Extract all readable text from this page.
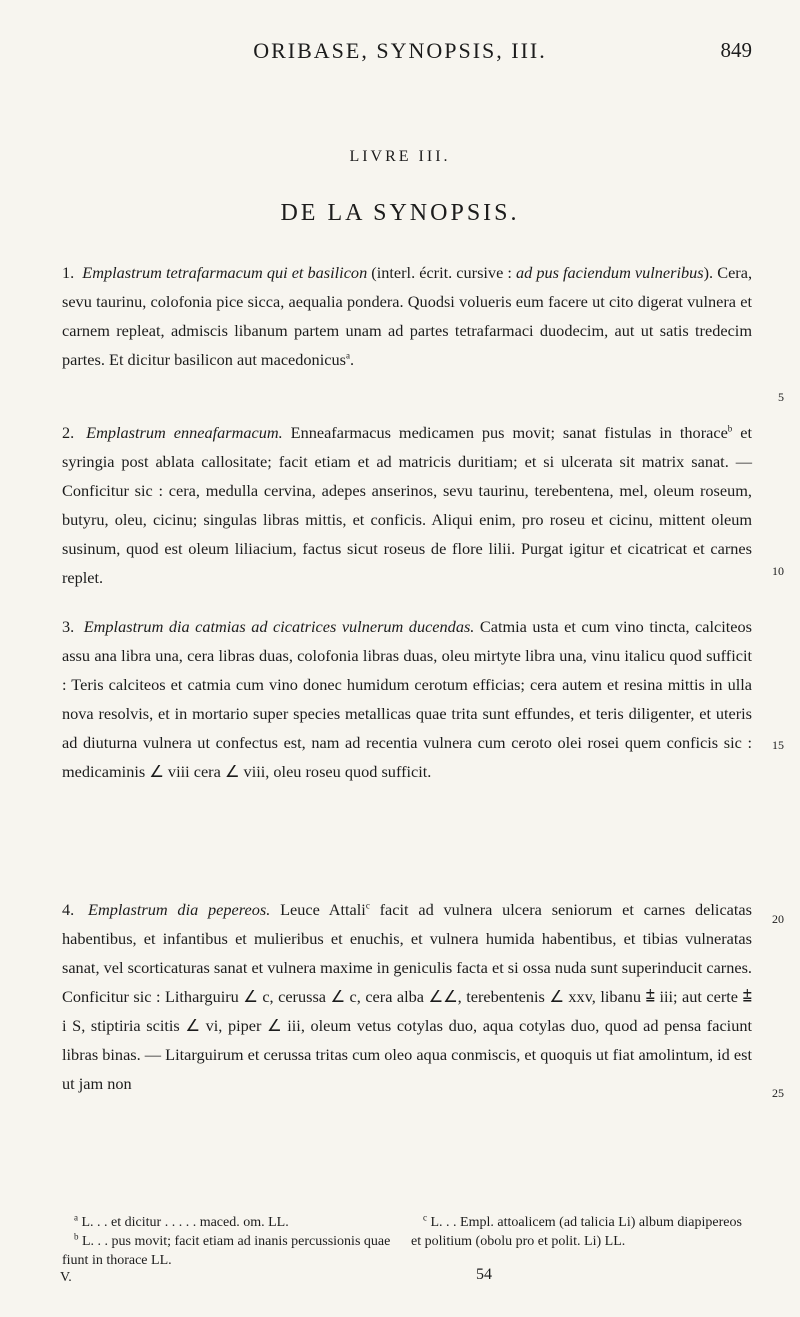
ORIBASE, SYNOPSIS, III.	849
LIVRE III.
DE LA SYNOPSIS.

1. Emplastrum tetrafarmacum qui et basilicon (interl. écrit. cursive : ad pus faciendum vulneribus). Cera, sevu taurinu, colofonia pice sicca, aequalia pondera. Quodsi volueris eum facere ut cito digerat vulnera et carnem repleat, admiscis libanum partem unam ad partes tetrafarmaci duodecim, aut ut satis tredecim partes. Et dicitur basilicon aut macedonicus$^a$.

2. Emplastrum enneafarmacum. Enneafarmacus medicamen pus movit; sanat fistulas in thorace$^b$ et syringia post ablata callositate; facit etiam et ad matricis duritiam; et si ulcerata sit matrix sanat. — Conficitur sic : cera, medulla cervina, adepes anserinos, sevu taurinu, terebentena, mel, oleum roseum, butyru, oleu, cicinu; singulas libras mittis, et conficis. Aliqui enim, pro roseu et cicinu, mittent oleum susinum, quod est oleum liliacium, factus sicut roseus de flore lilii. Purgat igitur et cicatricat et carnes replet.

3. Emplastrum dia catmias ad cicatrices vulnerum ducendas. Catmia usta et cum vino tincta, calciteos assu ana libra una, cera libras duas, colofonia libras duas, oleu mirtyte libra una, vinu italicu quod sufficit : Teris calciteos et catmia cum vino donec humidum cerotum efficias; cera autem et resina mittis in ulla nova resolvis, et in mortario super species metallicas quae trita sunt effundes, et teris diligenter, et uteris ad diuturna vulnera ut confectus est, nam ad recentia vulnera cum ceroto olei rosei quem conficis sic : medicaminis ∠ viii cera ∠ viii, oleu roseu quod sufficit.

4. Emplastrum dia pepereos. Leuce Attali$^c$ facit ad vulnera ulcera seniorum et carnes delicatas habentibus, et infantibus et mulieribus et enuchis, et vulnera humida habentibus, et tibias vulneratas sanat, vel scorticaturas sanat et vulnera maxime in geniculis facta et si ossa nuda sunt superinducit carnes. Conficitur sic : Litharguiru ∠ c, cerussa ∠ c, cera alba ∠∠, terebentenis ∠ xxv, libanu ⩲ iii; aut certe ⩲ i S, stiptiria scitis ∠ vi, piper ∠ iii, oleum vetus cotylas duo, aqua cotylas duo, quod ad pensa faciunt libras binas. — Litarguirum et cerussa tritas cum oleo aqua conmiscis, et quoquis ut fiat amolintum, id est ut jam non

5
10
15
20
25

$^a$ L. . . et dicitur . . . . . maced. om. LL.

$^b$ L. . . pus movit; facit etiam ad inanis percussionis quae fiunt in thorace LL.

$^c$ L. . . Empl. attoalicem (ad talicia Li) album diapipereos et politium (obolu pro et polit. Li) LL.

V.	54
